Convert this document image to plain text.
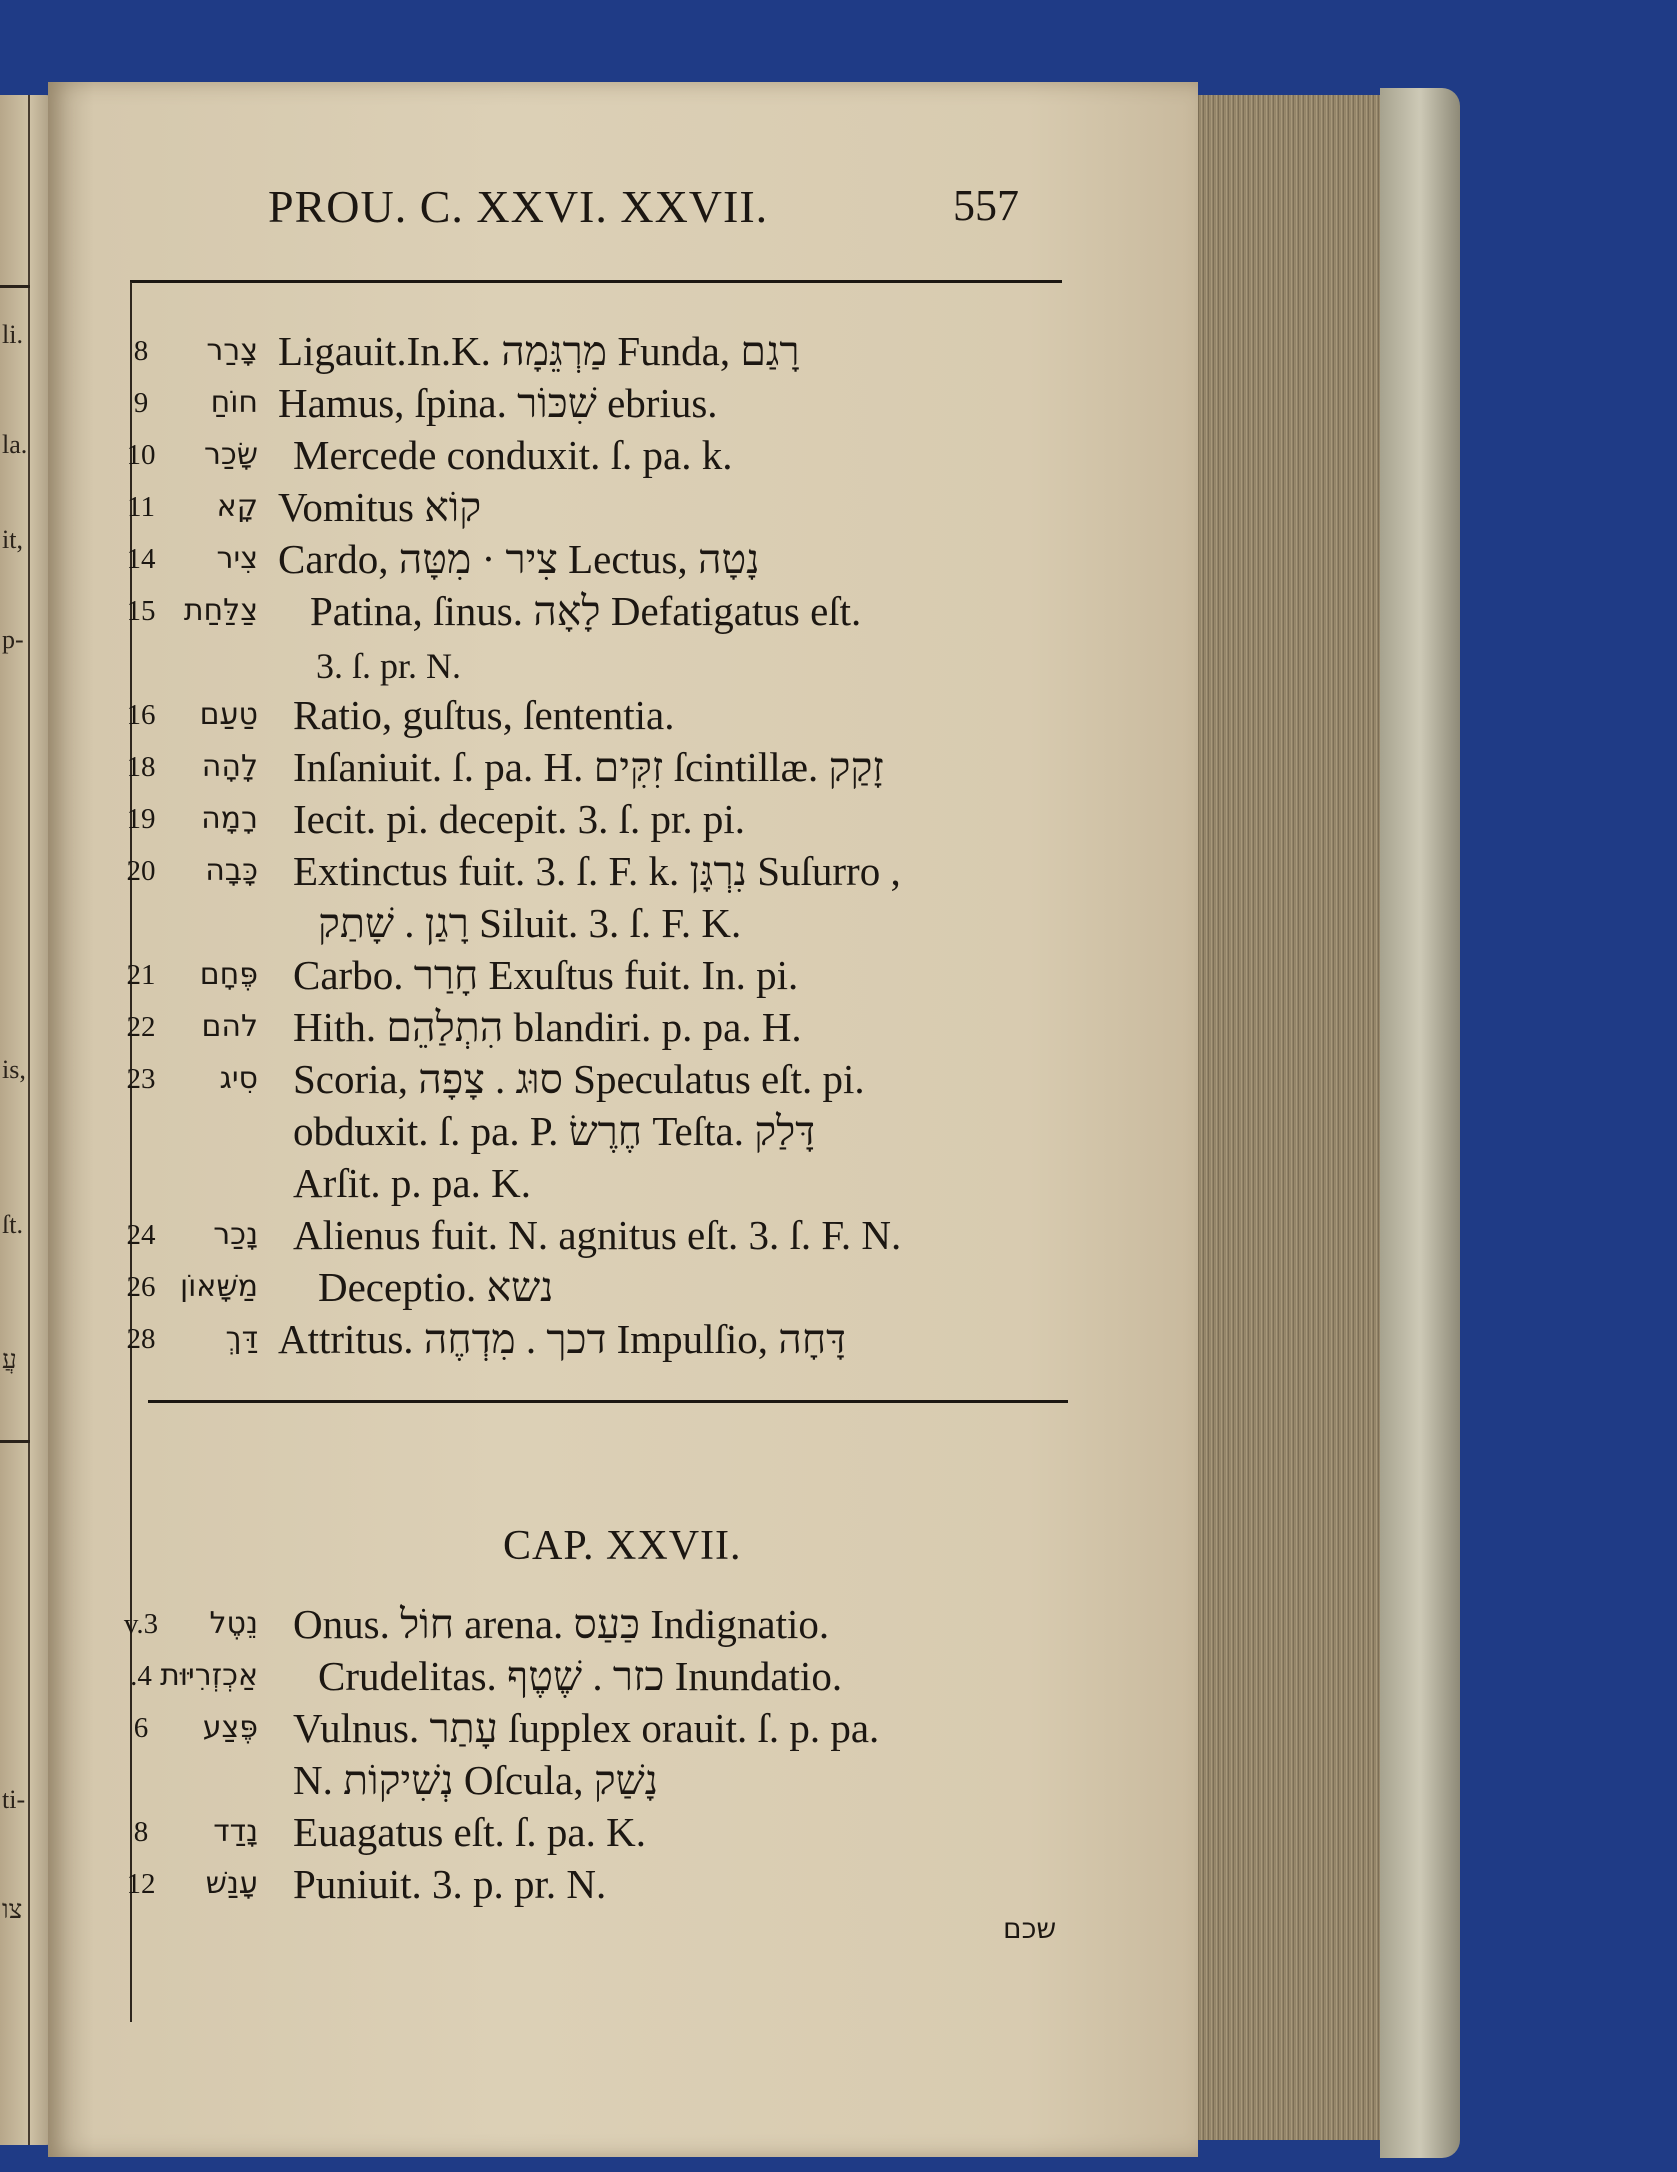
li.
la.
it,
p-
is,
ſt.
עֲ
ti-
צו
PROU. C. XXVI. XXVII.	557
8	צָרַר Ligauit.In.K. מַרְגֵּמָה Funda, רָגַם
9	חוֹחַ Hamus, ſpina. שִׁכּוֹר ebrius.
10	שָׂכַר Mercede conduxit. ſ. pa. k.
11	קָא Vomitus קוֹא
14	צִיר Cardo, צִיר · מִטָּה Lectus, נָטָה
15 צַלַּחַת Patina, ſinus. לָאָה Defatigatus eſt.
3. ſ. pr. N.
16	טַעַם Ratio, guſtus, ſententia.
18	לָהָה Inſaniuit. ſ. pa. H. זִקִּים ſcintillæ. זָקַק
19	רָמָה Iecit. pi. decepit. 3. ſ. pr. pi.
20	כָּבָה Extinctus fuit. 3. ſ. F. k. נִרְגָּן Suſurro ,
רָגַן . שָׁתַק Siluit. 3. ſ. F. K.
21	פֶּחָם Carbo. חָרַר Exuſtus fuit. In. pi.
22	להם Hith. הִתְלַהֵם blandiri. p. pa. H.
23	סִיג Scoria, סוּג . צָפָה Speculatus eſt. pi.
obduxit. ſ. pa. P. חֶרֶשׂ Teſta. דָּלַק
Arſit. p. pa. K.
24	נָכַר Alienus fuit. N. agnitus eſt. 3. ſ. F. N.
26 מַשָּׁאוֹן Deceptio. נשא
28	דַּךְ Attritus. דכך . מִדְחֶה Impulſio, דָּחָה
CAP. XXVII.
v.3	נֵטֶל Onus. חוֹל arena. כַּעַס Indignatio.
.4 אַכְזְרִיּוּת Crudelitas. כזר . שֶׁטֶף Inundatio.
6	פֶּצַע Vulnus. עָתַר ſupplex orauit. ſ. p. pa.
N. נְשִׁיקוֹת Oſcula, נָשַׁק
8	נָדַד Euagatus eſt. ſ. pa. K.
12	עָנַשׁ Puniuit. 3. p. pr. N.
שכם
